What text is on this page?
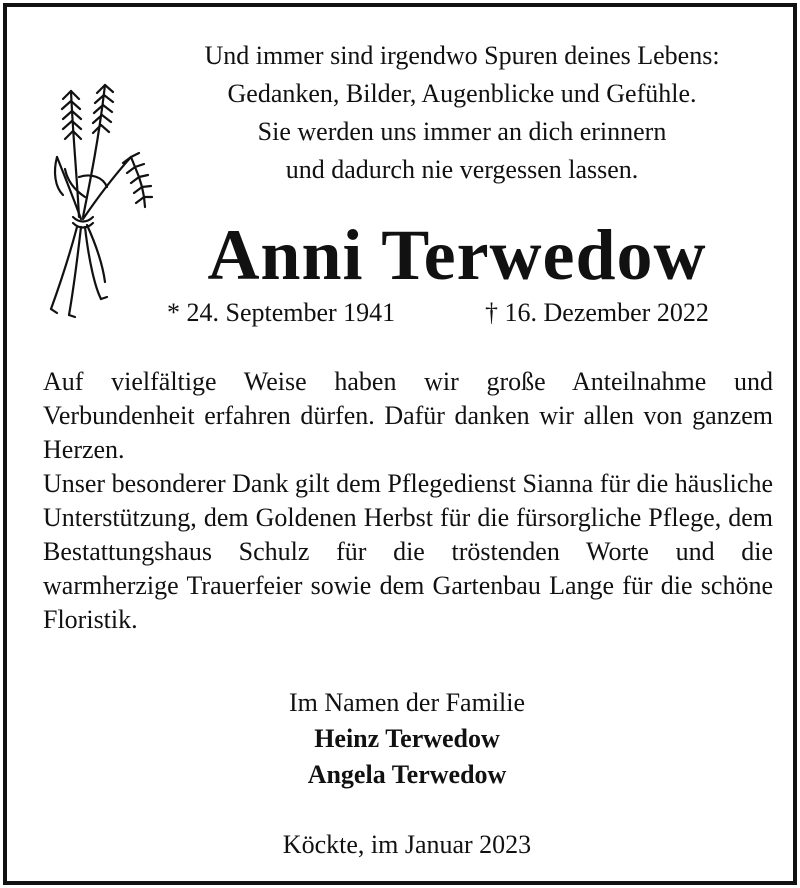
Und immer sind irgendwo Spuren deines Lebens:
Gedanken, Bilder, Augenblicke und Gefühle.
Sie werden uns immer an dich erinnern
und dadurch nie vergessen lassen.
Anni Terwedow
* 24. September 1941	† 16. Dezember 2022

Auf vielfältige Weise haben wir große Anteilnahme und Verbundenheit erfahren dürfen. Dafür danken wir allen von ganzem Herzen.

Unser besonderer Dank gilt dem Pflegedienst Sianna für die häusliche Unterstützung, dem Goldenen Herbst für die fürsorgliche Pflege, dem Bestattungshaus Schulz für die tröstenden Worte und die warmherzige Trauerfeier sowie dem Gartenbau Lange für die schöne Floristik.

Im Namen der Familie
Heinz Terwedow
Angela Terwedow
Köckte, im Januar 2023
